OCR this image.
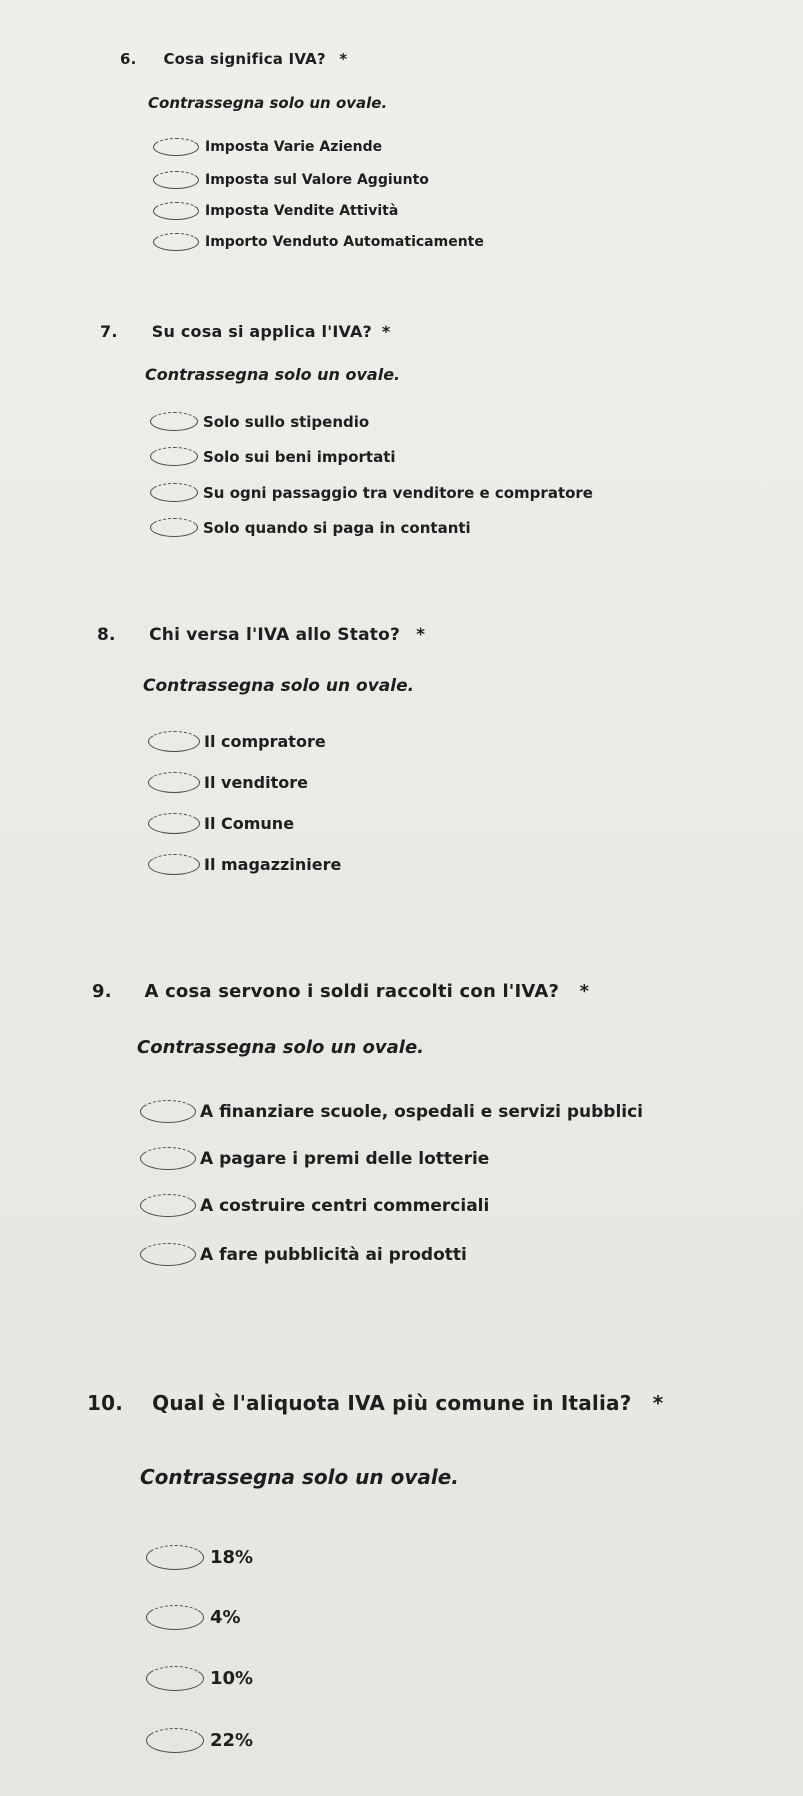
6. Cosa significa IVA? *
Contrassegna solo un ovale.
Imposta Varie Aziende
Imposta sul Valore Aggiunto
Imposta Vendite Attività
Importo Venduto Automaticamente
7. Su cosa si applica l'IVA? *
Contrassegna solo un ovale.
Solo sullo stipendio
Solo sui beni importati
Su ogni passaggio tra venditore e compratore
Solo quando si paga in contanti
8. Chi versa l'IVA allo Stato? *
Contrassegna solo un ovale.
Il compratore
Il venditore
Il Comune
Il magazziniere
9. A cosa servono i soldi raccolti con l'IVA? *
Contrassegna solo un ovale.
A finanziare scuole, ospedali e servizi pubblici
A pagare i premi delle lotterie
A costruire centri commerciali
A fare pubblicità ai prodotti
10. Qual è l'aliquota IVA più comune in Italia? *
Contrassegna solo un ovale.
18%
4%
10%
22%
